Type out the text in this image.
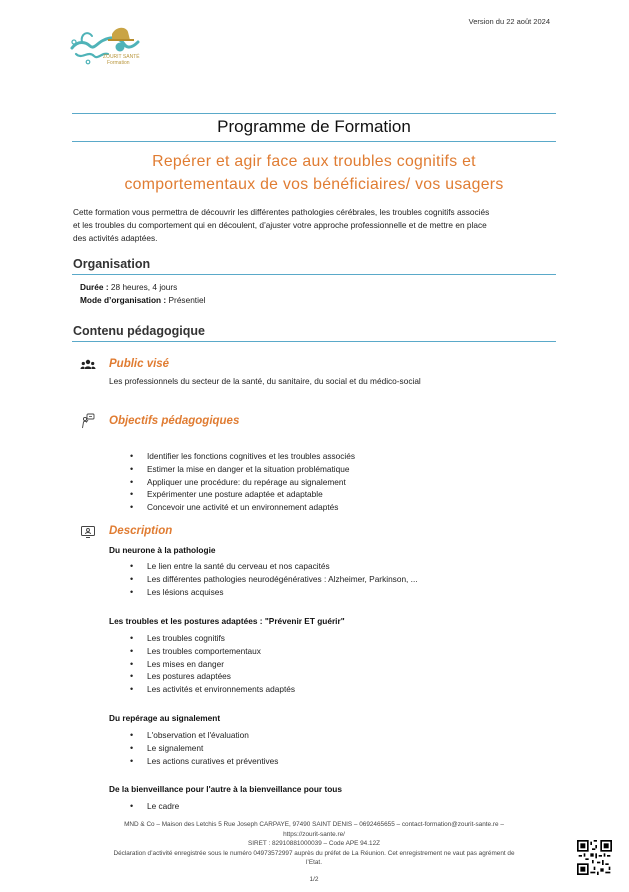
Version du 22 août 2024
ZOURIT SANTÉ
Formation
Programme de Formation
Repérer et agir face aux troubles cognitifs et
comportementaux de vos bénéficiaires/ vos usagers
Cette formation vous permettra de découvrir les différentes pathologies cérébrales, les troubles cognitifs associés
et les troubles du comportement qui en découlent, d’ajuster votre approche professionnelle et de mettre en place
des activités adaptées.
Organisation
Durée : 28 heures, 4 jours
Mode d’organisation : Présentiel
Contenu pédagogique
Public visé
Les professionnels du secteur de la santé, du sanitaire, du social et du médico-social
Objectifs pédagogiques
• Identifier les fonctions cognitives et les troubles associés
• Estimer la mise en danger et la situation problématique
• Appliquer une procédure: du repérage au signalement
• Expérimenter une posture adaptée et adaptable
• Concevoir une activité et un environnement adaptés
Description
Du neurone à la pathologie
• Le lien entre la santé du cerveau et nos capacités
• Les différentes pathologies neurodégénératives : Alzheimer, Parkinson, ...
• Les lésions acquises
Les troubles et les postures adaptées : "Prévenir ET guérir"
• Les troubles cognitifs
• Les troubles comportementaux
• Les mises en danger
• Les postures adaptées
• Les activités et environnements adaptés
Du repérage au signalement
• L'observation et l'évaluation
• Le signalement
• Les actions curatives et préventives
De la bienveillance pour l'autre à la bienveillance pour tous
• Le cadre
MND & Co – Maison des Letchis 5 Rue Joseph CARPAYE, 97490 SAINT DENIS – 0692465655 – contact-formation@zourit-sante.re –
https://zourit-sante.re/
SIRET : 82910881000039 – Code APE 94.12Z
Déclaration d’activité enregistrée sous le numéro 04973572997 auprès du préfet de La Réunion. Cet enregistrement ne vaut pas agrément de
l’Etat.
1/2
